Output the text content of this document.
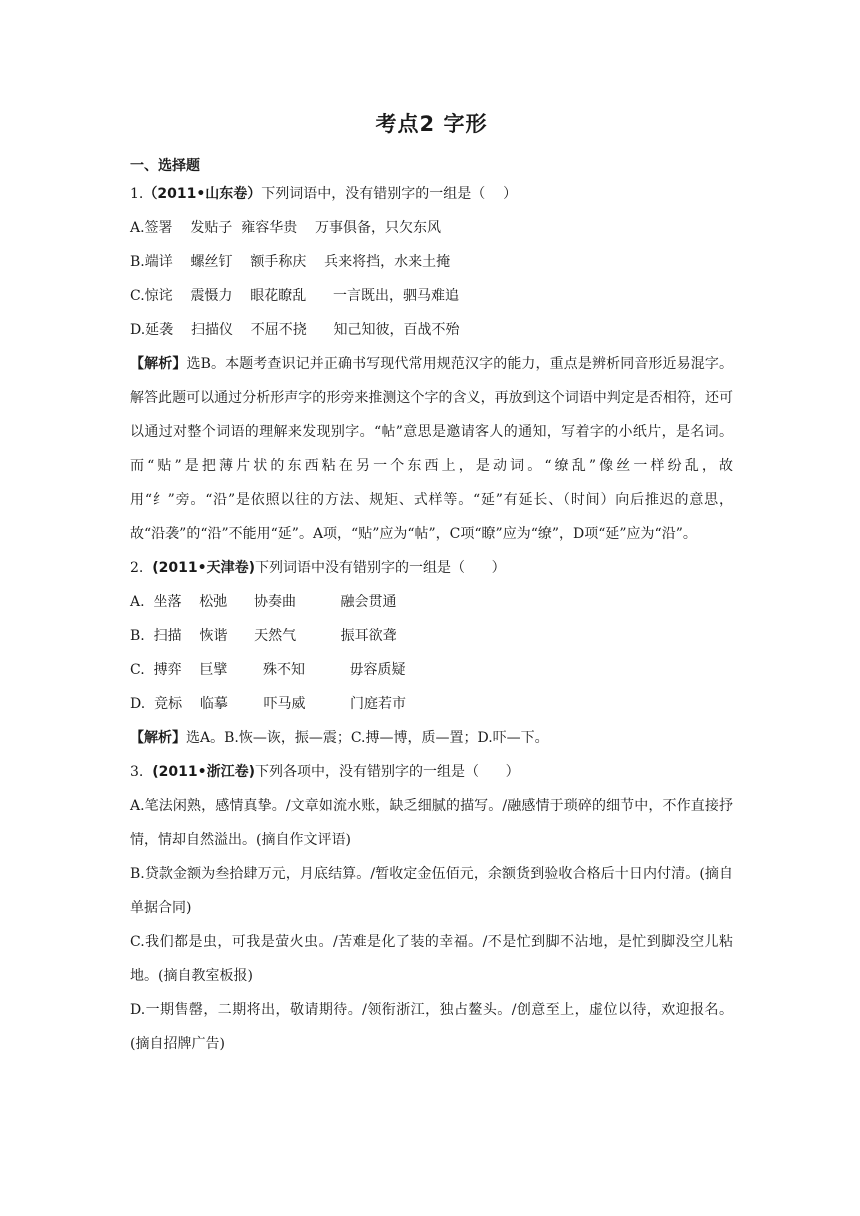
考点2 字形
一、选择题
1.（2011•山东卷）下列词语中，没有错别字的一组是（    ）
A.签署    发贴子  雍容华贵    万事俱备，只欠东风
B.端详    螺丝钉    额手称庆    兵来将挡，水来土掩
C.惊诧    震慑力    眼花瞭乱      一言既出，驷马难追
D.延袭    扫描仪    不屈不挠      知己知彼，百战不殆
【解析】选B。本题考查识记并正确书写现代常用规范汉字的能力，重点是辨析同音形近易混字。解答此题可以通过分析形声字的形旁来推测这个字的含义，再放到这个词语中判定是否相符，还可以通过对整个词语的理解来发现别字。“帖”意思是邀请客人的通知，写着字的小纸片，是名词。而“贴”是把薄片状的东西粘在另一个东西上，是动词。“缭乱”像丝一样纷乱，故用“纟”旁。“沿”是依照以往的方法、规矩、式样等。“延”有延长、（时间）向后推迟的意思，故“沿袭”的“沿”不能用“延”。A项，“贴”应为“帖”，C项“瞭”应为“缭”，D项“延”应为“沿”。
2.  (2011•天津卷)下列词语中没有错别字的一组是（      ）
A.  坐落    松弛      协奏曲          融会贯通
B.  扫描    恢谐      天然气          振耳欲聋
C.  搏弈    巨擘        殊不知          毋容质疑
D.  竞标    临摹        吓马威          门庭若市
【解析】选A。B.恢—诙，振—震；C.搏—博，质—置；D.吓—下。
3.  (2011•浙江卷)下列各项中，没有错别字的一组是（      ）
A.笔法闲熟，感情真挚。/文章如流水账，缺乏细腻的描写。/融感情于琐碎的细节中，不作直接抒情，情却自然溢出。(摘自作文评语)
B.贷款金额为叁拾肆万元，月底结算。/暂收定金伍佰元，余额货到验收合格后十日内付清。(摘自单据合同)
C.我们都是虫，可我是萤火虫。/苦难是化了装的幸福。/不是忙到脚不沾地，是忙到脚没空儿粘地。(摘自教室板报)
D.一期售罄，二期将出，敬请期待。/领衔浙江，独占鳌头。/创意至上，虚位以待，欢迎报名。(摘自招牌广告)
